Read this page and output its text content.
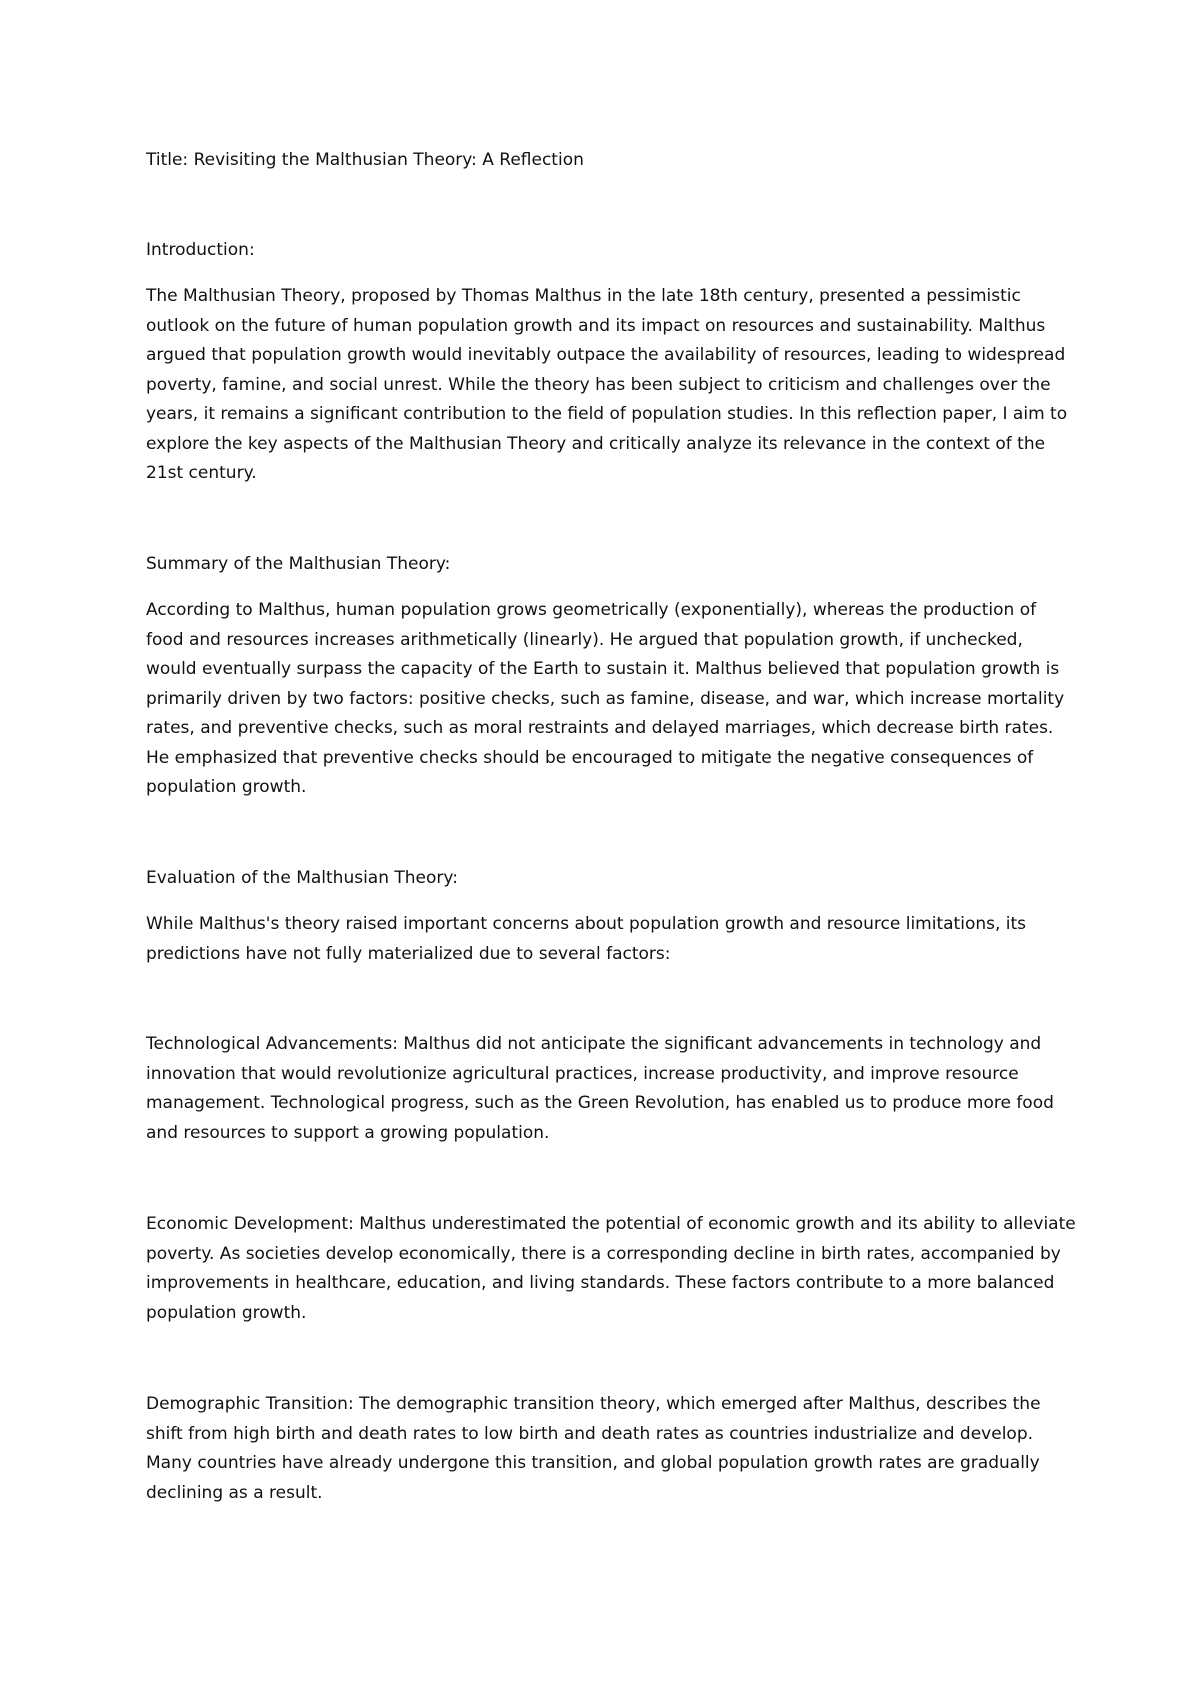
Title: Revisiting the Malthusian Theory: A Reflection

Introduction:

The Malthusian Theory, proposed by Thomas Malthus in the late 18th century, presented a pessimistic outlook on the future of human population growth and its impact on resources and sustainability. Malthus argued that population growth would inevitably outpace the availability of resources, leading to widespread poverty, famine, and social unrest. While the theory has been subject to criticism and challenges over the years, it remains a significant contribution to the field of population studies. In this reflection paper, I aim to explore the key aspects of the Malthusian Theory and critically analyze its relevance in the context of the 21st century.

Summary of the Malthusian Theory:

According to Malthus, human population grows geometrically (exponentially), whereas the production of food and resources increases arithmetically (linearly). He argued that population growth, if unchecked, would eventually surpass the capacity of the Earth to sustain it. Malthus believed that population growth is primarily driven by two factors: positive checks, such as famine, disease, and war, which increase mortality rates, and preventive checks, such as moral restraints and delayed marriages, which decrease birth rates. He emphasized that preventive checks should be encouraged to mitigate the negative consequences of population growth.

Evaluation of the Malthusian Theory:

While Malthus's theory raised important concerns about population growth and resource limitations, its predictions have not fully materialized due to several factors:

Technological Advancements: Malthus did not anticipate the significant advancements in technology and innovation that would revolutionize agricultural practices, increase productivity, and improve resource management. Technological progress, such as the Green Revolution, has enabled us to produce more food and resources to support a growing population.

Economic Development: Malthus underestimated the potential of economic growth and its ability to alleviate poverty. As societies develop economically, there is a corresponding decline in birth rates, accompanied by improvements in healthcare, education, and living standards. These factors contribute to a more balanced population growth.

Demographic Transition: The demographic transition theory, which emerged after Malthus, describes the shift from high birth and death rates to low birth and death rates as countries industrialize and develop. Many countries have already undergone this transition, and global population growth rates are gradually declining as a result.
